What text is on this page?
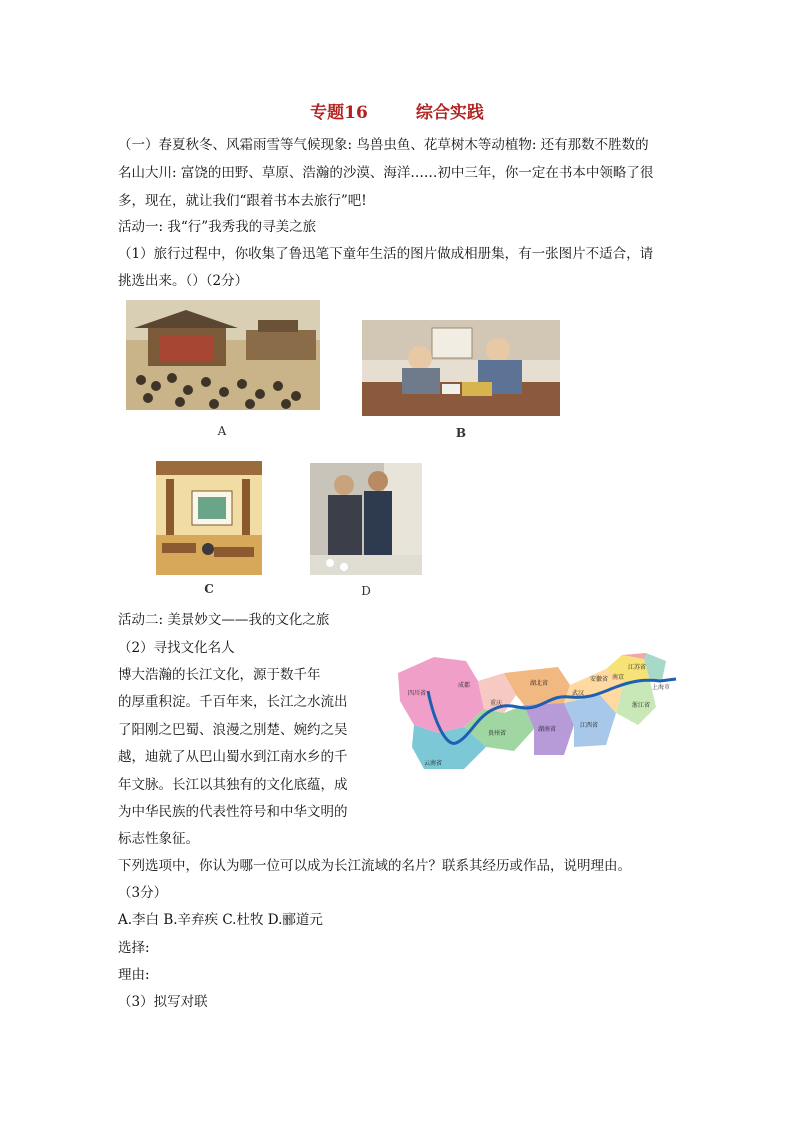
专题16	综合实践
（一）春夏秋冬、风霜雨雪等气候现象: 鸟兽虫鱼、花草树木等动植物: 还有那数不胜数的
名山大川: 富饶的田野、草原、浩瀚的沙漠、海洋……初中三年，你一定在书本中领略了很
多，现在，就让我们“跟着书本去旅行”吧!
活动一: 我“行”我秀我的寻美之旅
（1）旅行过程中，你收集了鲁迅笔下童年生活的图片做成相册集，有一张图片不适合，请
挑选出来。（）（2分）
A	B
C	D
活动二: 美景妙文——我的文化之旅
（2）寻找文化名人
博大浩瀚的长江文化，源于数千年
的厚重积淀。千百年来，长江之水流出
了阳刚之巴蜀、浪漫之別楚、婉约之吴
越，迪就了从巴山蜀水到江南水乡的千
年文脉。长江以其独有的文化底蕴，成
为中华民族的代表性符号和中华文明的
标志性象征。
四川省
成都
重庆
湖北省
湖南省
江西省
安徽省
江苏省
浙江省
上海市
贵州省
云南省
武汉
南京
下列选项中，你认为哪一位可以成为长江流域的名片？联系其经历或作品，说明理由。
（3分）
A.李白 B.辛弃疾 C.杜牧 D.郦道元
选择:
理由:
（3）拟写对联
